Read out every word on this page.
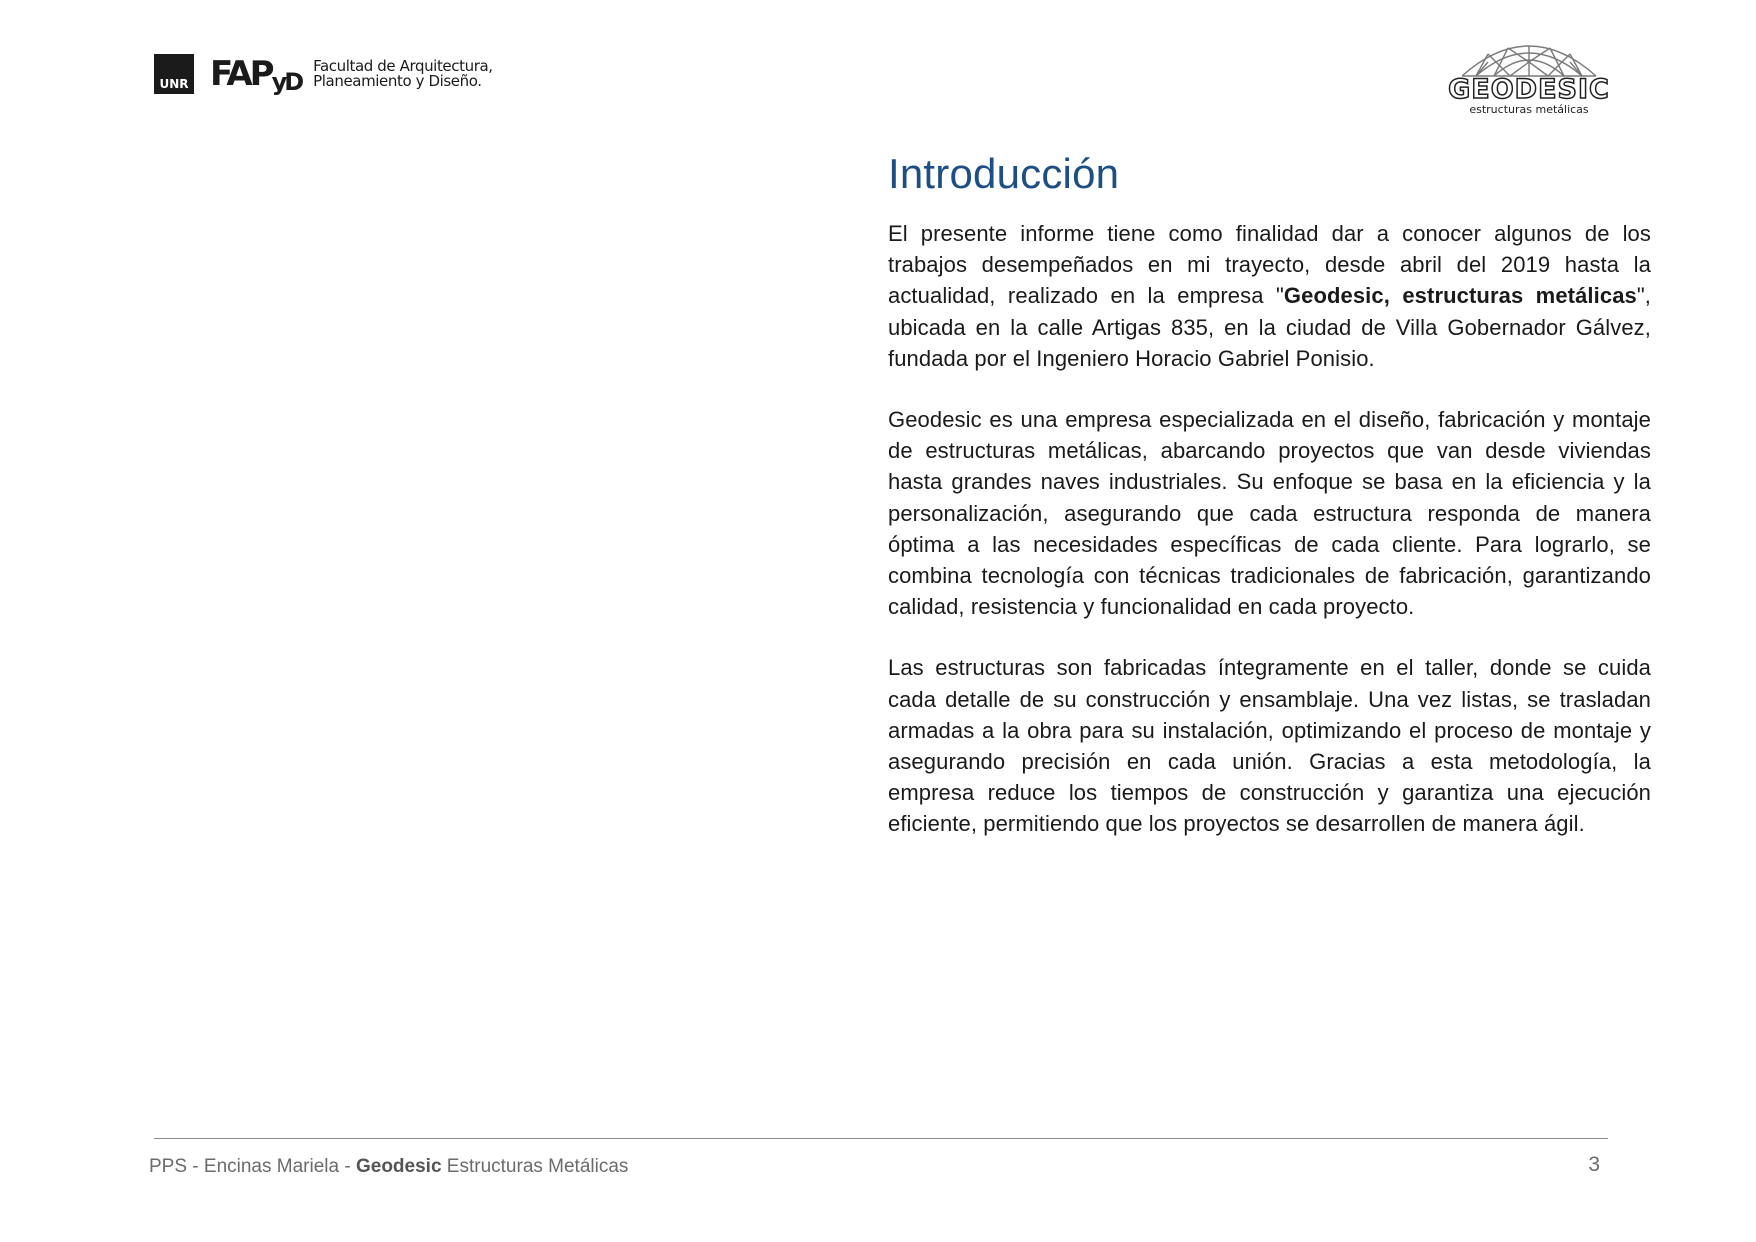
UNR FAPyD
Facultad de Arquitectura,
Planeamiento y Diseño.	GEODESIC
estructuras metálicas
Introducción

El presente informe tiene como finalidad dar a conocer algunos de los trabajos desempeñados en mi trayecto, desde abril del 2019 hasta la actualidad, realizado en la empresa "Geodesic, estructuras metálicas", ubicada en la calle Artigas 835, en la ciudad de Villa Gobernador Gálvez, fundada por el Ingeniero Horacio Gabriel Ponisio.

Geodesic es una empresa especializada en el diseño, fabricación y montaje de estructuras metálicas, abarcando proyectos que van desde viviendas hasta grandes naves industriales. Su enfoque se basa en la eficiencia y la personalización, asegurando que cada estructura responda de manera óptima a las necesidades específicas de cada cliente. Para lograrlo, se combina tecnología con técnicas tradicionales de fabricación, garantizando calidad, resistencia y funcionalidad en cada proyecto.

Las estructuras son fabricadas íntegramente en el taller, donde se cuida cada detalle de su construcción y ensamblaje. Una vez listas, se trasladan armadas a la obra para su instalación, optimizando el proceso de montaje y asegurando precisión en cada unión. Gracias a esta metodología, la empresa reduce los tiempos de construcción y garantiza una ejecución eficiente, permitiendo que los proyectos se desarrollen de manera ágil.

PPS - Encinas Mariela - Geodesic Estructuras Metálicas	3
